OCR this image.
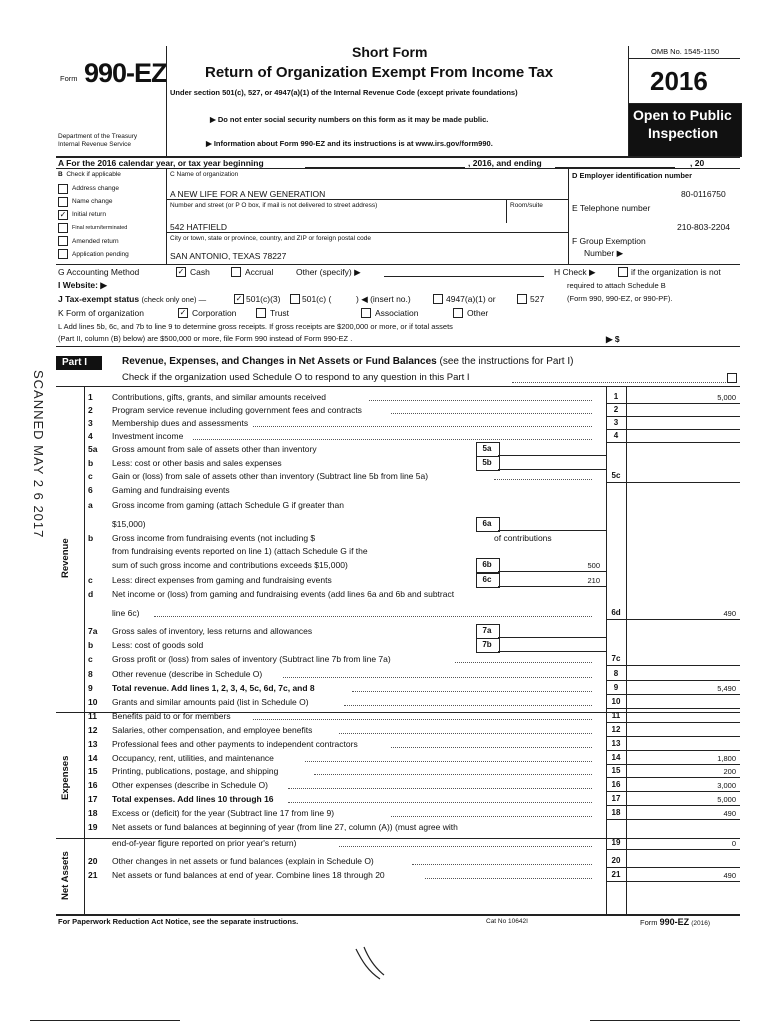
Form 990-EZ
Department of the Treasury
Internal Revenue Service
Short Form
Return of Organization Exempt From Income Tax
Under section 501(c), 527, or 4947(a)(1) of the Internal Revenue Code (except private foundations)
▶ Do not enter social security numbers on this form as it may be made public.
▶ Information about Form 990-EZ and its instructions is at www.irs.gov/form990.
OMB No. 1545-1150
2016
Open to Public
Inspection
A For the 2016 calendar year, or tax year beginning	, 2016, and ending	, 20
B Check if applicable
Address change
Name change
✓ Initial return
Final return/terminated
Amended return
Application pending
C Name of organization
A NEW LIFE FOR A NEW GENERATION
Number and street (or P O box, if mail is not delivered to street address)	Room/suite
542 HATFIELD
City or town, state or province, country, and ZIP or foreign postal code
SAN ANTONIO, TEXAS 78227
D Employer identification number
80-0116750
E Telephone number
210-803-2204
F Group Exemption
Number ▶
G Accounting Method	✓ Cash	Accrual	Other (specify) ▶	H Check ▶	if the organization is not
required to attach Schedule B
(Form 990, 990-EZ, or 990-PF).
I Website: ▶
J Tax-exempt status (check only one) —	✓ 501(c)(3)	501(c) (	) ◀ (insert no.)	4947(a)(1) or	527
K Form of organization	✓ Corporation	Trust	Association	Other
L Add lines 5b, 6c, and 7b to line 9 to determine gross receipts. If gross receipts are $200,000 or more, or if total assets
(Part II, column (B) below) are $500,000 or more, file Form 990 instead of Form 990-EZ .	▶ $
Part I	Revenue, Expenses, and Changes in Net Assets or Fund Balances (see the instructions for Part I)
Check if the organization used Schedule O to respond to any question in this Part I
Revenue
Expenses
Net Assets
SCANNED MAY 2 6 2017	1 Contributions, gifts, grants, and similar amounts received	1	5,000
2 Program service revenue including government fees and contracts	2
3 Membership dues and assessments	3
4 Investment income	4
5a Gross amount from sale of assets other than inventory	5a
b Less: cost or other basis and sales expenses	5b
c Gain or (loss) from sale of assets other than inventory (Subtract line 5b from line 5a)	5c
6 Gaming and fundraising events
a Gross income from gaming (attach Schedule G if greater than
$15,000)	6a
b Gross income from fundraising events (not including $	of contributions
from fundraising events reported on line 1) (attach Schedule G if the
sum of such gross income and contributions exceeds $15,000)	6b	500
c Less: direct expenses from gaming and fundraising events	6c	210
d Net income or (loss) from gaming and fundraising events (add lines 6a and 6b and subtract
line 6c)	6d	490
7a Gross sales of inventory, less returns and allowances	7a
b Less: cost of goods sold	7b
c Gross profit or (loss) from sales of inventory (Subtract line 7b from line 7a)	7c
8 Other revenue (describe in Schedule O)	8
9 Total revenue. Add lines 1, 2, 3, 4, 5c, 6d, 7c, and 8	9	5,490
10 Grants and similar amounts paid (list in Schedule O)	10
11 Benefits paid to or for members	11
12 Salaries, other compensation, and employee benefits	12
13 Professional fees and other payments to independent contractors	13
14 Occupancy, rent, utilities, and maintenance	14	1,800
15 Printing, publications, postage, and shipping	15	200
16 Other expenses (describe in Schedule O)	16	3,000
17 Total expenses. Add lines 10 through 16	17	5,000
18 Excess or (deficit) for the year (Subtract line 17 from line 9)	18	490
19 Net assets or fund balances at beginning of year (from line 27, column (A)) (must agree with
end-of-year figure reported on prior year's return)	19	0
20 Other changes in net assets or fund balances (explain in Schedule O)	20
21 Net assets or fund balances at end of year. Combine lines 18 through 20	21	490
For Paperwork Reduction Act Notice, see the separate instructions.	Cat No 10642I	Form 990-EZ (2016)
